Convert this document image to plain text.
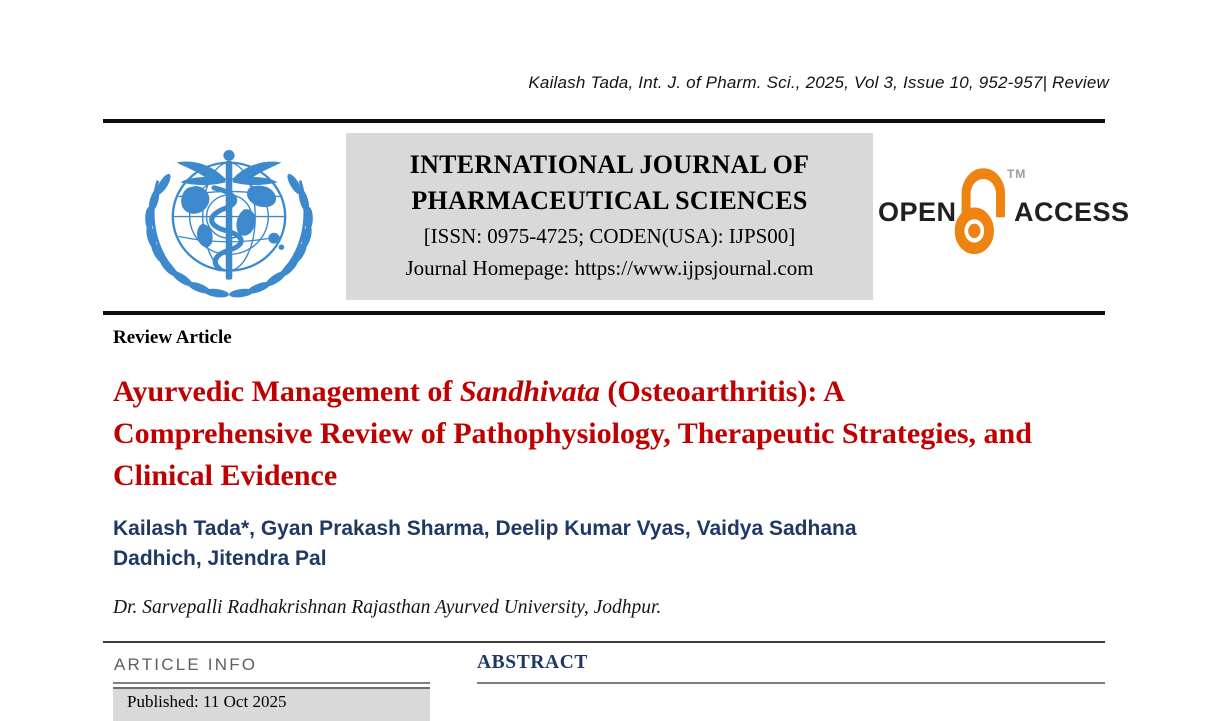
Kailash Tada, Int. J. of Pharm. Sci., 2025, Vol 3, Issue 10, 952-957| Review
INTERNATIONAL JOURNAL OF
PHARMACEUTICAL SCIENCES
[ISSN: 0975-4725; CODEN(USA): IJPS00]
Journal Homepage: https://www.ijpsjournal.com
OPEN
TM
ACCESS
Review Article
Ayurvedic Management of Sandhivata (Osteoarthritis): A
Comprehensive Review of Pathophysiology, Therapeutic Strategies, and
Clinical Evidence
Kailash Tada*, Gyan Prakash Sharma, Deelip Kumar Vyas, Vaidya Sadhana
Dadhich, Jitendra Pal
Dr. Sarvepalli Radhakrishnan Rajasthan Ayurved University, Jodhpur.
ARTICLE INFO	ABSTRACT
Published: 11 Oct 2025
